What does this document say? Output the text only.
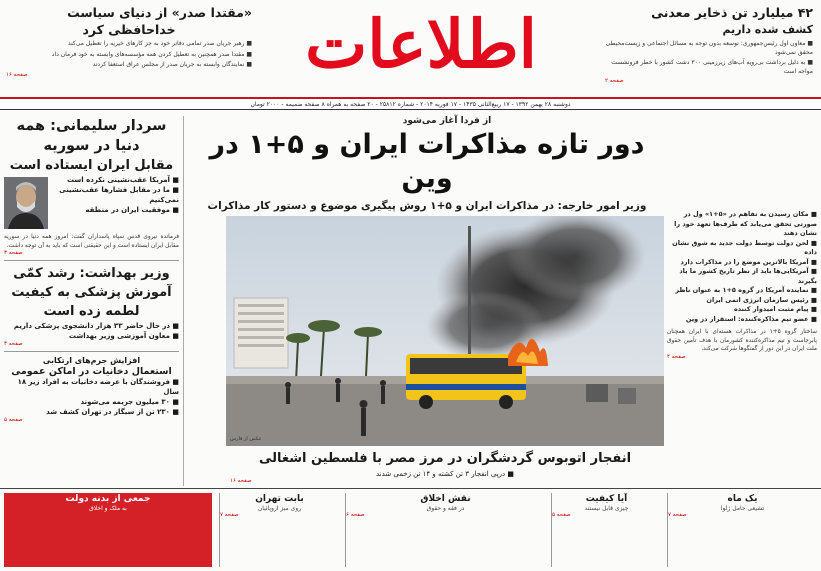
۴۲ میلیارد تن ذخایر معدنی
کشف شده داریم

■ معاون اول رئیس‌جمهوری: توسعه بدون توجه به مسائل اجتماعی و زیست‌محیطی محقق نمی‌شود

■ به دلیل برداشت بی‌رویه آب‌های زیرزمینی ۳۰۰ دشت کشور با خطر فرونشست مواجه است

صفحه ۲

اطلاعات
«مقتدا صدر» از دنیای سیاست
خداحافظی کرد

■ رهبر جریان صدر تمامی دفاتر خود به جز کارهای خیریه را تعطیل می‌کند

■ مقتدا صدر همچنین به تعطیل کردن همه مؤسسه‌های وابسته به خود فرمان داد

■ نمایندگان وابسته به جریان صدر از مجلس عراق استعفا کردند

صفحه ۱۶

دوشنبه ۲۸ بهمن ۱۳۹۲ - ۱۷ ربیع‌الثانی ۱۴۳۵ - ۱۷ فوریه ۲۰۱۴ - شماره ۲۵۸۱۲ - ۲۰ صفحه به همراه ۸ صفحه ضمیمه - ۲۰۰۰ تومان
■ مکان رسیدن به تفاهم در «۵+۱» ول در صورتی تحقق می‌یابد که طرف‌ها تعهد خود را نشان دهند
■ لحن دولت توسط دولت جدید به شوق نشان داده
■ آمریکا بالاترین موضع را در مذاکرات دارد
■ آمریکایی‌ها باید از نظر تاریخ کشور ما یاد بگیرند
■ نماینده آمریکا در گروه ۵+۱ به عنوان ناظر
■ رئیس سازمان انرژی اتمی ایران
■ پیام مثبت امیدوار کننده
■ عضو تیم مذاکره‌کننده: استقرار در وین
ساختار گروه ۵+۱ در مذاکرات هسته‌ای با ایران همچنان پابرجاست و تیم مذاکره‌کننده کشورمان با هدف تأمین حقوق ملت ایران در این دور از گفتگوها شرکت می‌کند.
صفحه ۴
از فردا آغاز می‌شود
دور تازه مذاکرات ایران و ۵+۱ در وین
وزیر امور خارجه: در مذاکرات ایران و ۵+۱ روش پیگیری موضوع و دستور کار مذاکرات
عکس از فارس
انفجار اتوبوس گردشگران در مرز مصر با فلسطین اشغالی
■ درپی انفجار ۳ تن کشته و ۱۴ تن زخمی شدند
صفحه ۱۶
سردار سلیمانی: همه دنیا در سوریه
مقابل ایران ایستاده است
■ آمریکا عقب‌نشینی نکرده است
■ ما در مقابل فشارها عقب‌نشینی نمی‌کنیم
■ موفقیت ایران در منطقه
فرمانده نیروی قدس سپاه پاسداران گفت: امروز همه دنیا در سوریه مقابل ایران ایستاده است و این حقیقتی است که باید به آن توجه داشت.
صفحه ۳
وزیر بهداشت: رشد کمّی
آموزش پزشکی به کیفیت
لطمه زده است
■ در حال حاضر ۳۳ هزار دانشجوی پزشکی داریم
■ معاون آموزشی وزیر بهداشت
صفحه ۳
افزایش جرم‌های ارتکابی
استعمال دخانیات در اماکن عمومی
■ فروشندگان با عرضه دخانیات به افراد زیر ۱۸ سال
■ ۳۰ میلیون جریمه می‌شوند
■ ۲۳۰ تن از سیگار در تهران کشف شد
صفحه ۵
یک ماه
تشیعی حامل ژلوا
صفحه ۷
آیا کیفیت
چیزی قابل نیستند
صفحه ۵
نقش اخلاق
در فقه و حقوق
صفحه ۶
بابت تهران
روی میز اروپائیان
صفحه ۷
جمعی از بدنه دولت
به ملک و اخلاق
